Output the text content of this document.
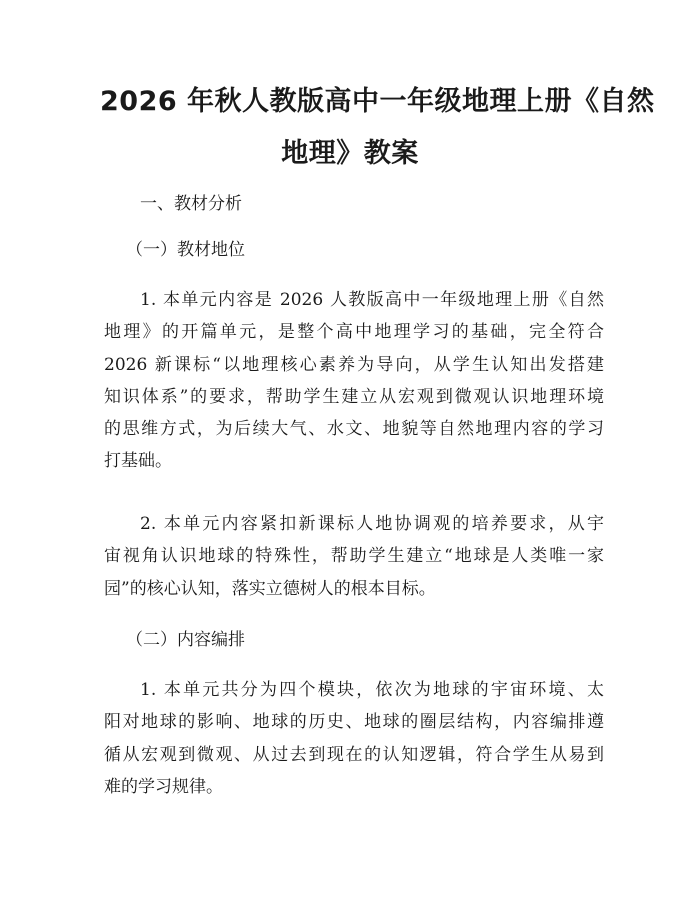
2026 年秋人教版高中一年级地理上册《自然
地理》教案

一、教材分析

（一）教材地位

1. 本单元内容是 2026 人教版高中一年级地理上册《自然
地理》的开篇单元，是整个高中地理学习的基础，完全符合
2026 新课标“以地理核心素养为导向，从学生认知出发搭建
知识体系”的要求，帮助学生建立从宏观到微观认识地理环境
的思维方式，为后续大气、水文、地貌等自然地理内容的学习
打基础。

2. 本单元内容紧扣新课标人地协调观的培养要求，从宇
宙视角认识地球的特殊性，帮助学生建立“地球是人类唯一家
园”的核心认知，落实立德树人的根本目标。

（二）内容编排

1. 本单元共分为四个模块，依次为地球的宇宙环境、太
阳对地球的影响、地球的历史、地球的圈层结构，内容编排遵
循从宏观到微观、从过去到现在的认知逻辑，符合学生从易到
难的学习规律。
